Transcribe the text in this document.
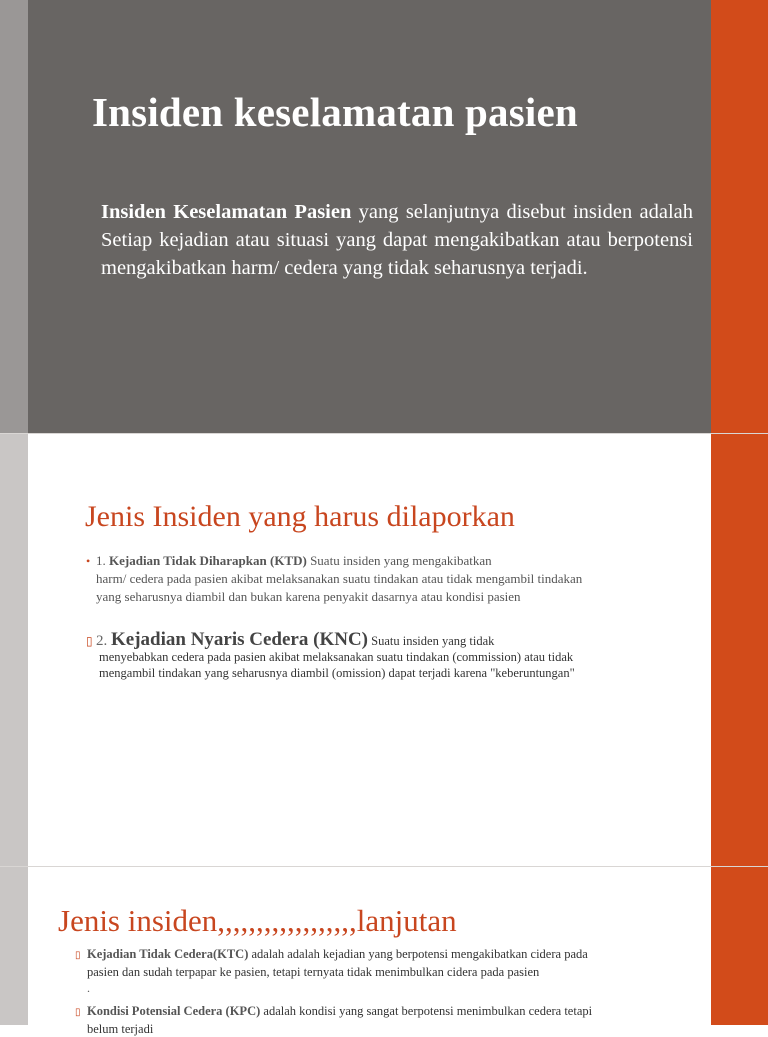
Insiden keselamatan pasien

Insiden Keselamatan Pasien yang selanjutnya disebut insiden adalah Setiap kejadian atau situasi yang dapat mengakibatkan atau berpotensi mengakibatkan harm/ cedera yang tidak seharusnya terjadi.

Jenis Insiden yang harus dilaporkan
• 1. Kejadian Tidak Diharapkan (KTD) Suatu insiden yang mengakibatkan
harm/ cedera pada pasien akibat melaksanakan suatu tindakan atau tidak mengambil tindakan yang seharusnya diambil dan bukan karena penyakit dasarnya atau kondisi pasien
▯ 2. Kejadian Nyaris Cedera (KNC) Suatu insiden yang tidak
menyebabkan cedera pada pasien akibat melaksanakan suatu tindakan (commission) atau tidak mengambil tindakan yang seharusnya diambil (omission) dapat terjadi karena "keberuntungan"
Jenis insiden,,,,,,,,,,,,,,,,,,lanjutan
▯ Kejadian Tidak Cedera(KTC) adalah adalah kejadian yang berpotensi mengakibatkan cidera pada
pasien dan sudah terpapar ke pasien, tetapi ternyata tidak menimbulkan cidera pada pasien
.
▯ Kondisi Potensial Cedera (KPC) adalah kondisi yang sangat berpotensi menimbulkan cedera tetapi
belum terjadi
